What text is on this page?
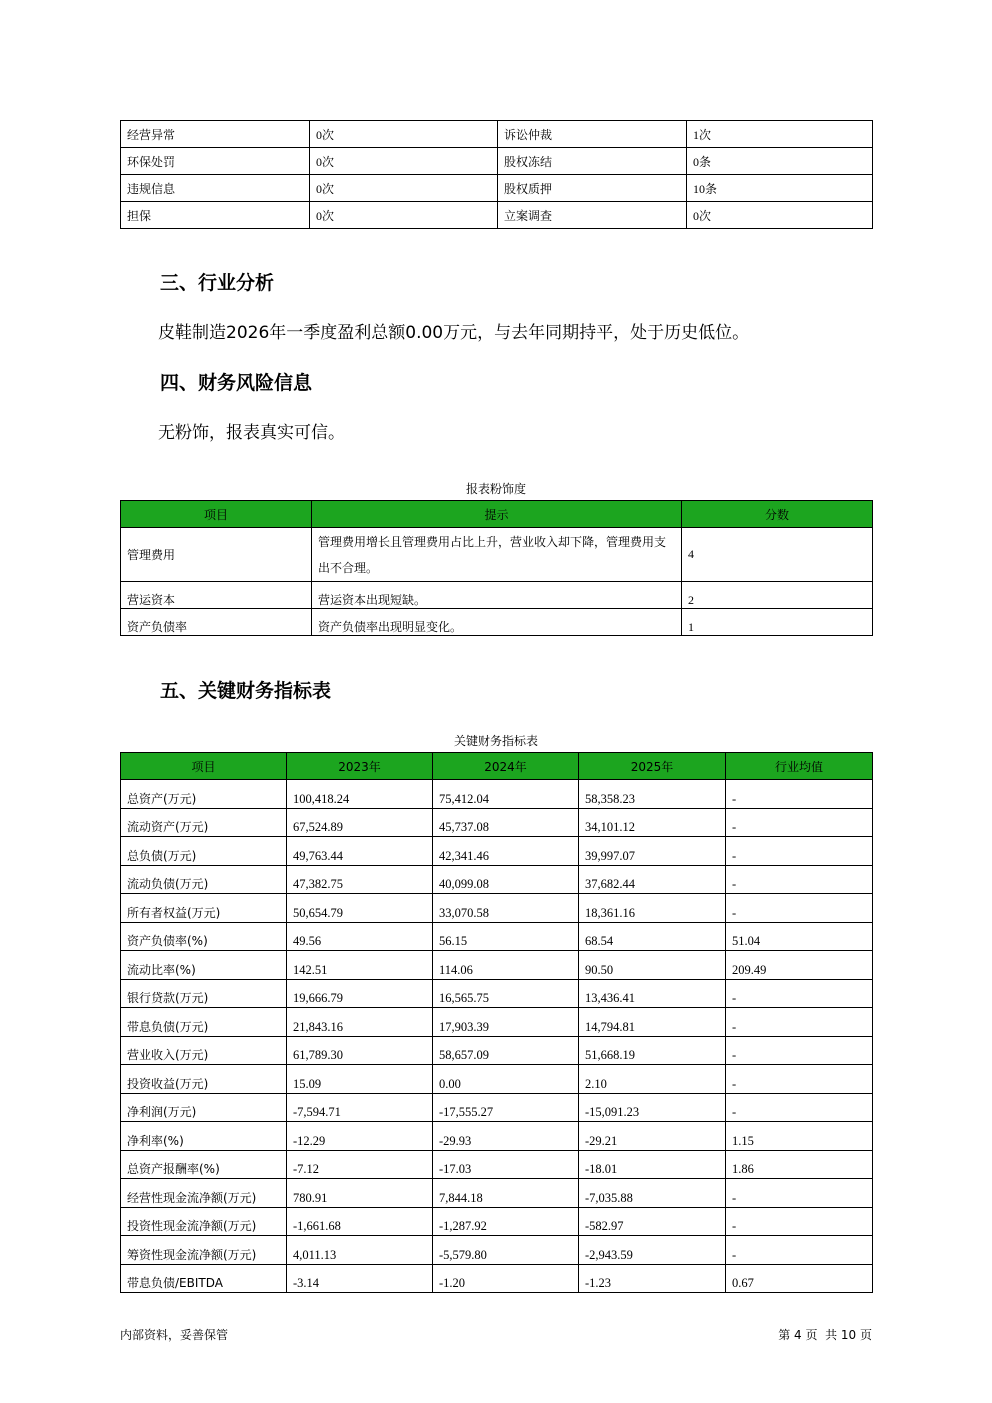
经营异常	0次	诉讼仲裁	1次
环保处罚	0次	股权冻结	0条
违规信息	0次	股权质押	10条
担保	0次	立案调查	0次
三、行业分析

皮鞋制造2026年一季度盈利总额0.00万元，与去年同期持平，处于历史低位。

四、财务风险信息

无粉饰，报表真实可信。

报表粉饰度
项目	提示	分数
管理费用	管理费用增长且管理费用占比上升，营业收入却下降，管理费用支出不合理。	4
营运资本	营运资本出现短缺。	2
资产负债率	资产负债率出现明显变化。	1
五、关键财务指标表
关键财务指标表
项目	2023年	2024年	2025年	行业均值
总资产(万元)	100,418.24	75,412.04	58,358.23	-
流动资产(万元)	67,524.89	45,737.08	34,101.12	-
总负债(万元)	49,763.44	42,341.46	39,997.07	-
流动负债(万元)	47,382.75	40,099.08	37,682.44	-
所有者权益(万元)	50,654.79	33,070.58	18,361.16	-
资产负债率(%)	49.56	56.15	68.54	51.04
流动比率(%)	142.51	114.06	90.50	209.49
银行贷款(万元)	19,666.79	16,565.75	13,436.41	-
带息负债(万元)	21,843.16	17,903.39	14,794.81	-
营业收入(万元)	61,789.30	58,657.09	51,668.19	-
投资收益(万元)	15.09	0.00	2.10	-
净利润(万元)	-7,594.71	-17,555.27	-15,091.23	-
净利率(%)	-12.29	-29.93	-29.21	1.15
总资产报酬率(%)	-7.12	-17.03	-18.01	1.86
经营性现金流净额(万元)	780.91	7,844.18	-7,035.88	-
投资性现金流净额(万元)	-1,661.68	-1,287.92	-582.97	-
筹资性现金流净额(万元)	4,011.13	-5,579.80	-2,943.59	-
带息负债/EBITDA	-3.14	-1.20	-1.23	0.67
内部资料，妥善保管	第 4 页  共 10 页
